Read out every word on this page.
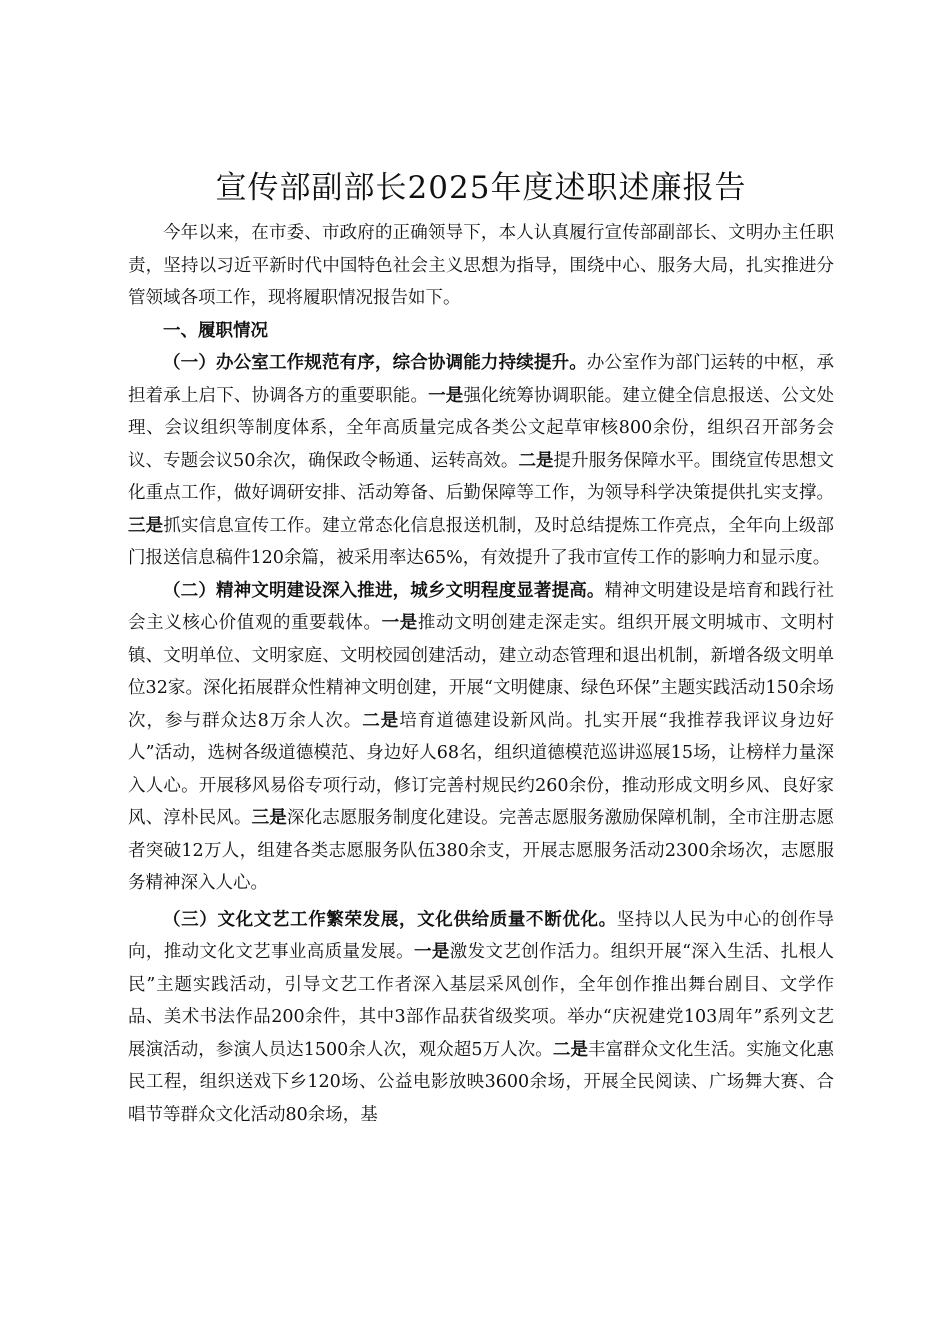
宣传部副部长2025年度述职述廉报告

今年以来，在市委、市政府的正确领导下，本人认真履行宣传部副部长、文明办主任职责，坚持以习近平新时代中国特色社会主义思想为指导，围绕中心、服务大局，扎实推进分管领域各项工作，现将履职情况报告如下。

一、履职情况

（一）办公室工作规范有序，综合协调能力持续提升。办公室作为部门运转的中枢，承担着承上启下、协调各方的重要职能。一是强化统筹协调职能。建立健全信息报送、公文处理、会议组织等制度体系，全年高质量完成各类公文起草审核800余份，组织召开部务会议、专题会议50余次，确保政令畅通、运转高效。二是提升服务保障水平。围绕宣传思想文化重点工作，做好调研安排、活动筹备、后勤保障等工作，为领导科学决策提供扎实支撑。三是抓实信息宣传工作。建立常态化信息报送机制，及时总结提炼工作亮点，全年向上级部门报送信息稿件120余篇，被采用率达65%，有效提升了我市宣传工作的影响力和显示度。

（二）精神文明建设深入推进，城乡文明程度显著提高。精神文明建设是培育和践行社会主义核心价值观的重要载体。一是推动文明创建走深走实。组织开展文明城市、文明村镇、文明单位、文明家庭、文明校园创建活动，建立动态管理和退出机制，新增各级文明单位32家。深化拓展群众性精神文明创建，开展“文明健康、绿色环保”主题实践活动150余场次，参与群众达8万余人次。二是培育道德建设新风尚。扎实开展“我推荐我评议身边好人”活动，选树各级道德模范、身边好人68名，组织道德模范巡讲巡展15场，让榜样力量深入人心。开展移风易俗专项行动，修订完善村规民约260余份，推动形成文明乡风、良好家风、淳朴民风。三是深化志愿服务制度化建设。完善志愿服务激励保障机制，全市注册志愿者突破12万人，组建各类志愿服务队伍380余支，开展志愿服务活动2300余场次，志愿服务精神深入人心。

（三）文化文艺工作繁荣发展，文化供给质量不断优化。坚持以人民为中心的创作导向，推动文化文艺事业高质量发展。一是激发文艺创作活力。组织开展“深入生活、扎根人民”主题实践活动，引导文艺工作者深入基层采风创作，全年创作推出舞台剧目、文学作品、美术书法作品200余件，其中3部作品获省级奖项。举办“庆祝建党103周年”系列文艺展演活动，参演人员达1500余人次，观众超5万人次。二是丰富群众文化生活。实施文化惠民工程，组织送戏下乡120场、公益电影放映3600余场，开展全民阅读、广场舞大赛、合唱节等群众文化活动80余场，基
